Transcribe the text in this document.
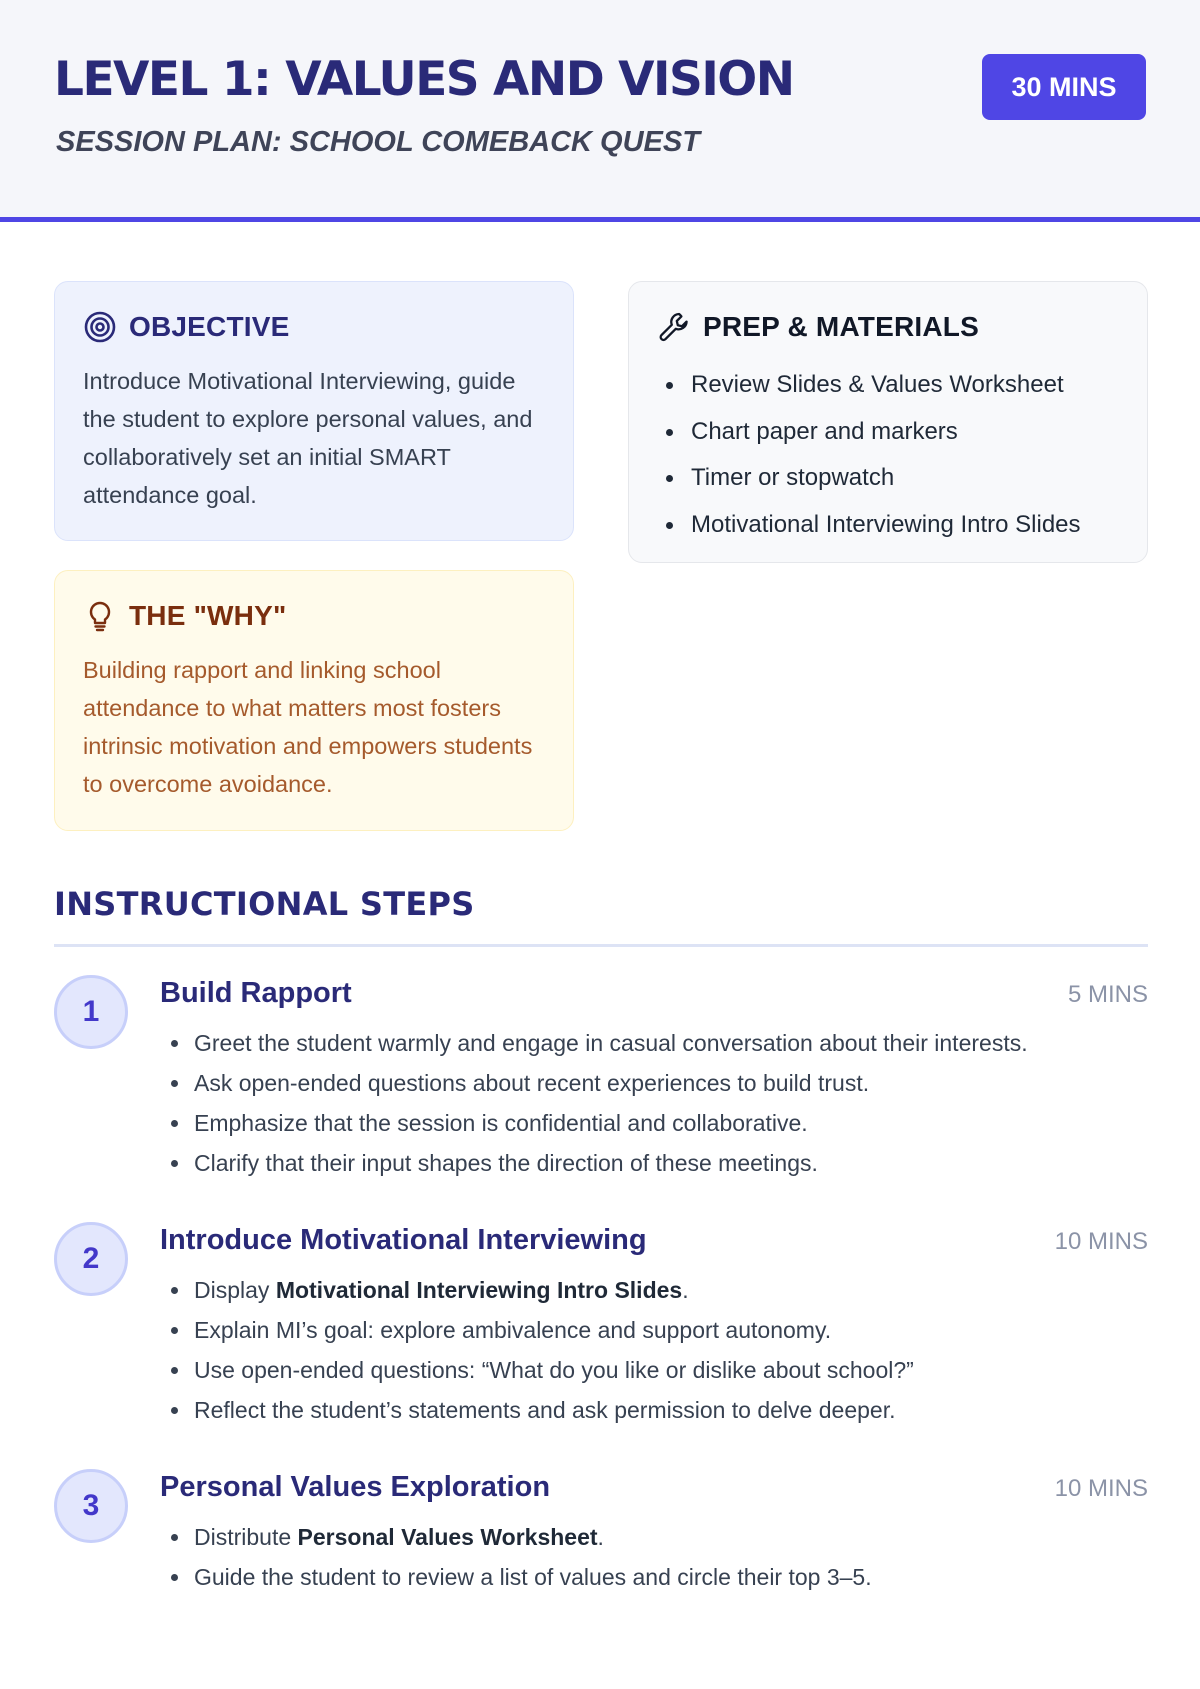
LEVEL 1: VALUES AND VISION
SESSION PLAN: SCHOOL COMEBACK QUEST
30 MINS
OBJECTIVE

Introduce Motivational Interviewing, guide the student to explore personal values, and collaboratively set an initial SMART attendance goal.

THE "WHY"

Building rapport and linking school attendance to what matters most fosters intrinsic motivation and empowers students to overcome avoidance.

PREP & MATERIALS
Review Slides & Values Worksheet
Chart paper and markers
Timer or stopwatch
Motivational Interviewing Intro Slides
INSTRUCTIONAL STEPS
1
Build Rapport	5 MINS
Greet the student warmly and engage in casual conversation about their interests.
Ask open-ended questions about recent experiences to build trust.
Emphasize that the session is confidential and collaborative.
Clarify that their input shapes the direction of these meetings.
2
Introduce Motivational Interviewing	10 MINS
Display Motivational Interviewing Intro Slides.
Explain MI’s goal: explore ambivalence and support autonomy.
Use open-ended questions: “What do you like or dislike about school?”
Reflect the student’s statements and ask permission to delve deeper.
3
Personal Values Exploration	10 MINS
Distribute Personal Values Worksheet.
Guide the student to review a list of values and circle their top 3–5.
